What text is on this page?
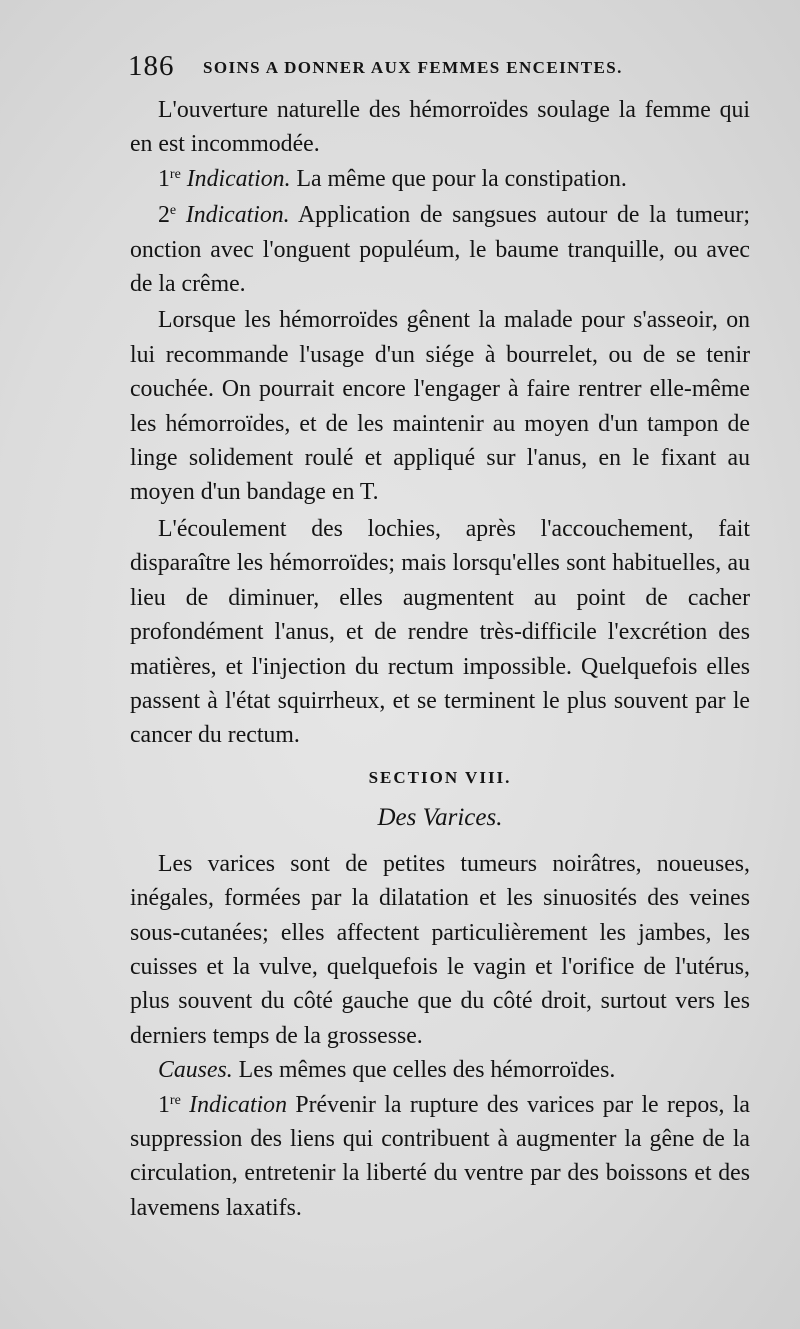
186 SOINS A DONNER AUX FEMMES ENCEINTES.

L'ouverture naturelle des hémorroïdes soulage la femme qui en est incommodée.

1re Indication. La même que pour la constipation.

2e Indication. Application de sangsues autour de la tumeur; onction avec l'onguent populéum, le baume tranquille, ou avec de la crême.

Lorsque les hémorroïdes gênent la malade pour s'asseoir, on lui recommande l'usage d'un siége à bourrelet, ou de se tenir couchée. On pourrait encore l'engager à faire rentrer elle-même les hémorroïdes, et de les maintenir au moyen d'un tampon de linge solidement roulé et appliqué sur l'anus, en le fixant au moyen d'un bandage en T.

L'écoulement des lochies, après l'accouchement, fait disparaître les hémorroïdes; mais lorsqu'elles sont habituelles, au lieu de diminuer, elles augmentent au point de cacher profondément l'anus, et de rendre très-difficile l'excrétion des matières, et l'injection du rectum impossible. Quelquefois elles passent à l'état squirrheux, et se terminent le plus souvent par le cancer du rectum.

SECTION VIII.
Des Varices.

Les varices sont de petites tumeurs noirâtres, noueuses, inégales, formées par la dilatation et les sinuosités des veines sous-cutanées; elles affectent particulièrement les jambes, les cuisses et la vulve, quelquefois le vagin et l'orifice de l'utérus, plus souvent du côté gauche que du côté droit, surtout vers les derniers temps de la grossesse.

Causes. Les mêmes que celles des hémorroïdes.

1re Indication Prévenir la rupture des varices par le repos, la suppression des liens qui contribuent à augmenter la gêne de la circulation, entretenir la liberté du ventre par des boissons et des lavemens laxatifs.
